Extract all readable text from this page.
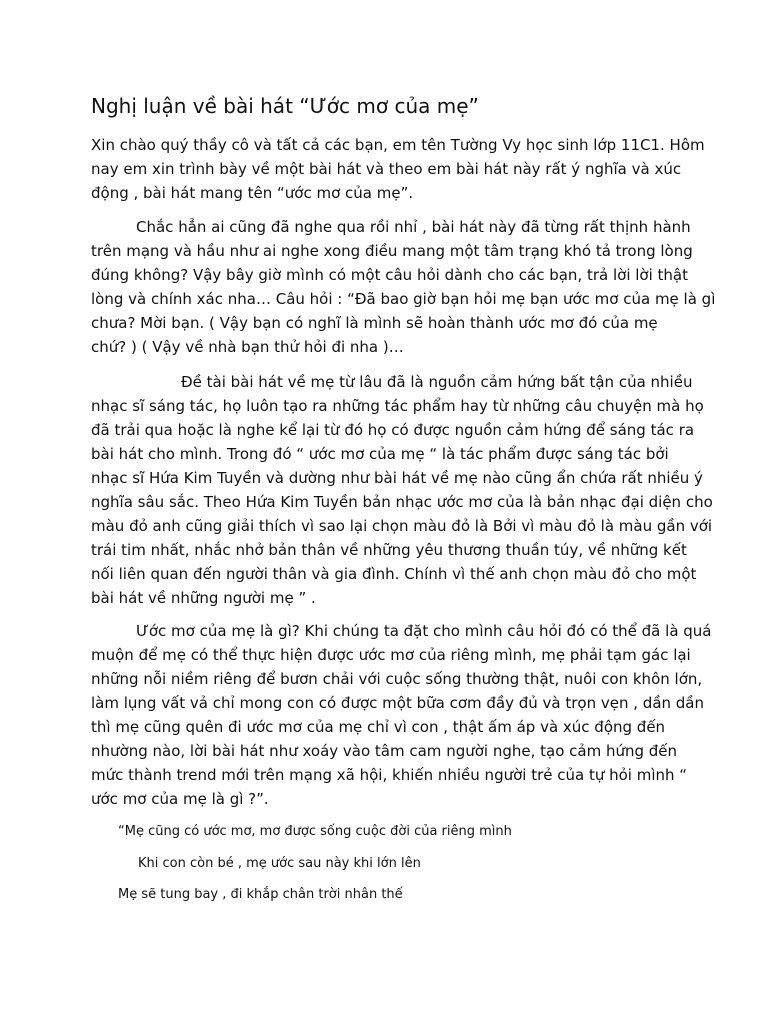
Nghị luận về bài hát “Ước mơ của mẹ”

Xin chào quý thầy cô và tất cả các bạn, em tên Tường Vy học sinh lớp 11C1. Hôm

nay em xin trình bày về một bài hát và theo em bài hát này rất ý nghĩa và xúc

động , bài hát mang tên “ước mơ của mẹ”.

Chắc hẳn ai cũng đã nghe qua rồi nhỉ , bài hát này đã từng rất thịnh hành

trên mạng và hầu như ai nghe xong điều mang một tâm trạng khó tả trong lòng

đúng không? Vậy bây giờ mình có một câu hỏi dành cho các bạn, trả lời lời thật

lòng và chính xác nha… Câu hỏi : “Đã bao giờ bạn hỏi mẹ bạn ước mơ của mẹ là gì

chưa? Mời bạn. ( Vậy bạn có nghĩ là mình sẽ hoàn thành ước mơ đó của mẹ

chứ? ) ( Vậy về nhà bạn thử hỏi đi nha )…

Đề tài bài hát về mẹ từ lâu đã là nguồn cảm hứng bất tận của nhiều

nhạc sĩ sáng tác, họ luôn tạo ra những tác phẩm hay từ những câu chuyện mà họ

đã trải qua hoặc là nghe kể lại từ đó họ có được nguồn cảm hứng để sáng tác ra

bài hát cho mình. Trong đó “ ước mơ của mẹ “ là tác phẩm được sáng tác bởi

nhạc sĩ Hứa Kim Tuyền và dường như bài hát về mẹ nào cũng ẩn chứa rất nhiều ý

nghĩa sâu sắc. Theo Hứa Kim Tuyền bản nhạc ước mơ của là bản nhạc đại diện cho

màu đỏ anh cũng giải thích vì sao lại chọn màu đỏ là Bởi vì màu đỏ là màu gần với

trái tim nhất, nhắc nhở bản thân về những yêu thương thuần túy, về những kết

nối liên quan đến người thân và gia đình. Chính vì thế anh chọn màu đỏ cho một

bài hát về những người mẹ ” .

Ước mơ của mẹ là gì? Khi chúng ta đặt cho mình câu hỏi đó có thể đã là quá

muộn để mẹ có thể thực hiện được ước mơ của riêng mình, mẹ phải tạm gác lại

những nỗi niềm riêng để bươn chải với cuộc sống thường thật, nuôi con khôn lớn,

làm lụng vất vả chỉ mong con có được một bữa cơm đầy đủ và trọn vẹn , dần dần

thì mẹ cũng quên đi ước mơ của mẹ chỉ vì con , thật ấm áp và xúc động đến

nhường nào, lời bài hát như xoáy vào tâm cam người nghe, tạo cảm hứng đến

mức thành trend mới trên mạng xã hội, khiến nhiều người trẻ của tự hỏi mình “

ước mơ của mẹ là gì ?”.

“Mẹ cũng có ước mơ, mơ được sống cuộc đời của riêng mình

Khi con còn bé , mẹ ước sau này khi lớn lên

Mẹ sẽ tung bay , đi khắp chân trời nhân thế
